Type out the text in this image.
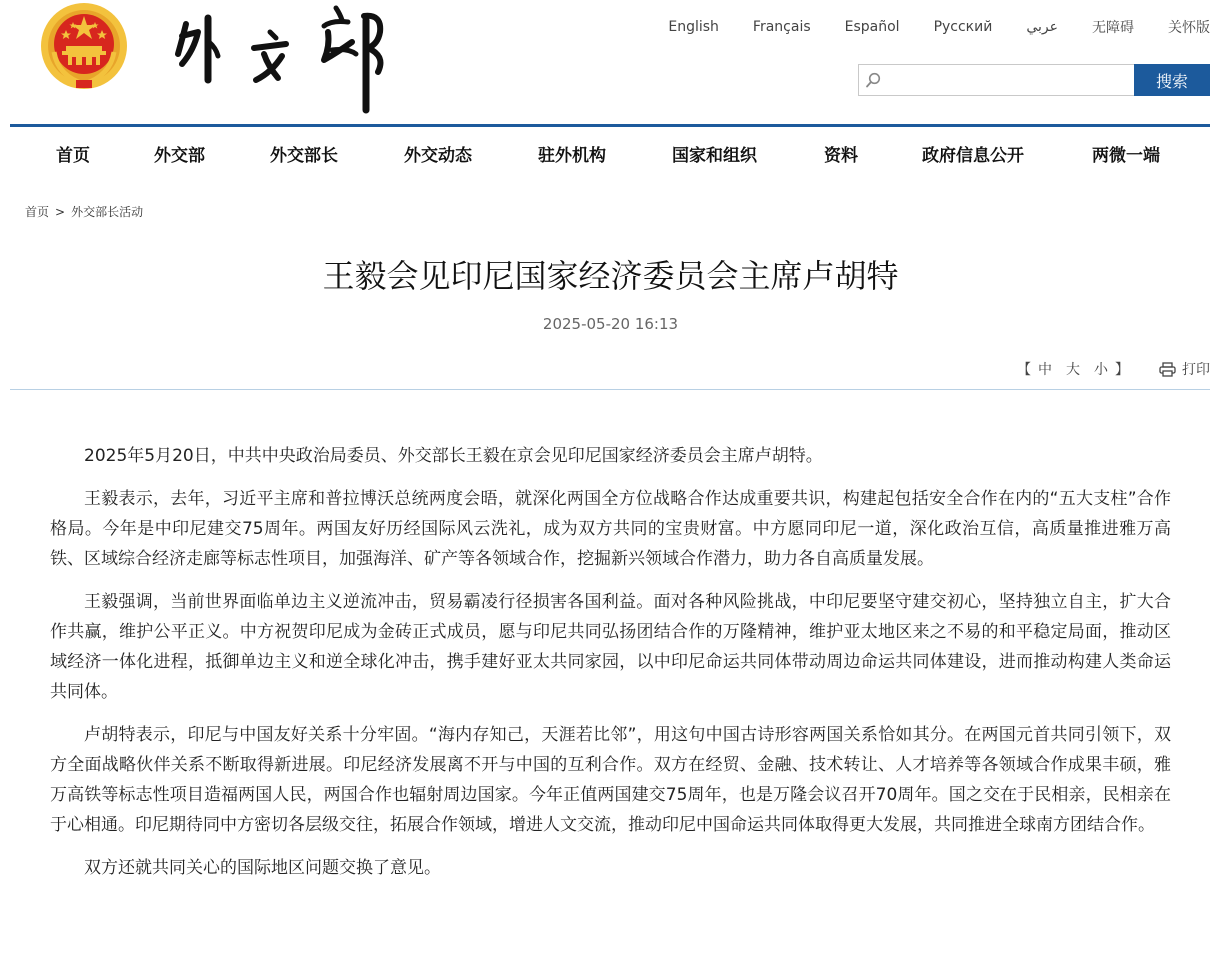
English Français Español Русский عربي 无障碍 关怀版
搜索
首页	外交部	外交部长	外交动态	驻外机构	国家和组织	资料	政府信息公开	两微一端
首页 > 外交部长活动
王毅会见印尼国家经济委员会主席卢胡特
2025-05-20 16:13
【 中 大 小 】	打印

2025年5月20日，中共中央政治局委员、外交部长王毅在京会见印尼国家经济委员会主席卢胡特。

王毅表示，去年，习近平主席和普拉博沃总统两度会晤，就深化两国全方位战略合作达成重要共识，构建起包括安全合作在内的“五大支柱”合作格局。今年是中印尼建交75周年。两国友好历经国际风云洗礼，成为双方共同的宝贵财富。中方愿同印尼一道，深化政治互信，高质量推进雅万高铁、区域综合经济走廊等标志性项目，加强海洋、矿产等各领域合作，挖掘新兴领域合作潜力，助力各自高质量发展。

王毅强调，当前世界面临单边主义逆流冲击，贸易霸凌行径损害各国利益。面对各种风险挑战，中印尼要坚守建交初心，坚持独立自主，扩大合作共赢，维护公平正义。中方祝贺印尼成为金砖正式成员，愿与印尼共同弘扬团结合作的万隆精神，维护亚太地区来之不易的和平稳定局面，推动区域经济一体化进程，抵御单边主义和逆全球化冲击，携手建好亚太共同家园，以中印尼命运共同体带动周边命运共同体建设，进而推动构建人类命运共同体。

卢胡特表示，印尼与中国友好关系十分牢固。“海内存知己，天涯若比邻”，用这句中国古诗形容两国关系恰如其分。在两国元首共同引领下，双方全面战略伙伴关系不断取得新进展。印尼经济发展离不开与中国的互利合作。双方在经贸、金融、技术转让、人才培养等各领域合作成果丰硕，雅万高铁等标志性项目造福两国人民，两国合作也辐射周边国家。今年正值两国建交75周年，也是万隆会议召开70周年。国之交在于民相亲，民相亲在于心相通。印尼期待同中方密切各层级交往，拓展合作领域，增进人文交流，推动印尼中国命运共同体取得更大发展，共同推进全球南方团结合作。

双方还就共同关心的国际地区问题交换了意见。
